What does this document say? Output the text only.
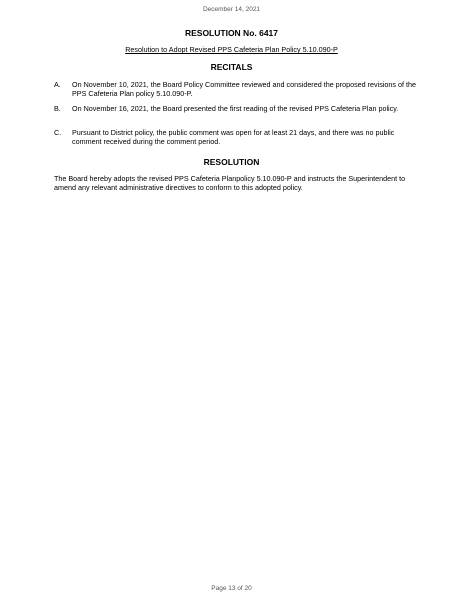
December 14, 2021
RESOLUTION No. 6417
Resolution to Adopt Revised PPS Cafeteria Plan Policy 5.10.090-P
RECITALS
A.	On November 10, 2021, the Board Policy Committee reviewed and considered the proposed revisions of the PPS Cafeteria Plan policy 5.10.090-P.
B.	On November 16, 2021, the Board presented the first reading of the revised PPS Cafeteria Plan policy.
C.	Pursuant to District policy, the public comment was open for at least 21 days, and there was no public comment received during the comment period.
RESOLUTION
The Board hereby adopts the revised PPS Cafeteria Planpolicy 5.10.090-P and instructs the Superintendent to amend any relevant administrative directives to conform to this adopted policy.
Page 13 of 20
